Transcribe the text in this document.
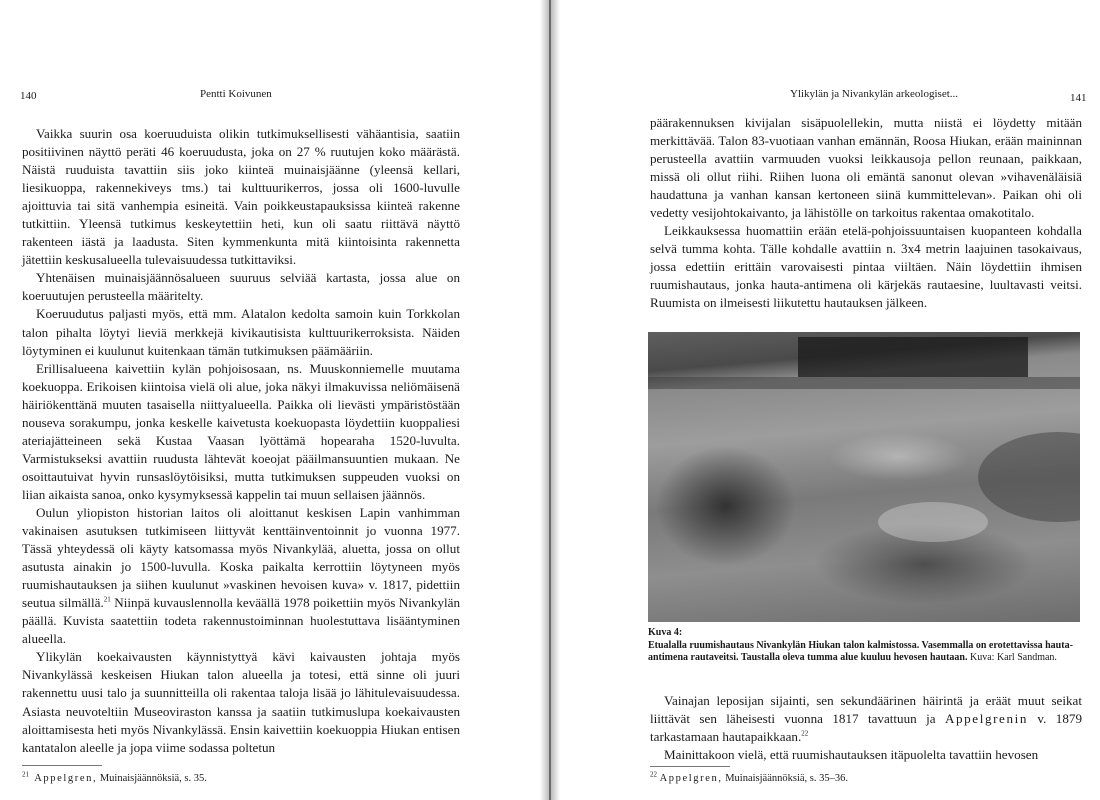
140	Pentti Koivunen

Vaikka suurin osa koeruuduista olikin tutkimuksellisesti vähäantisia, saatiin positiivinen näyttö peräti 46 koeruudusta, joka on 27 % ruutujen koko määrästä. Näistä ruuduista tavattiin siis joko kiinteä muinaisjäänne (yleensä kellari, liesikuoppa, rakennekiveys tms.) tai kulttuurikerros, jossa oli 1600-luvulle ajoittuvia tai sitä vanhempia esineitä. Vain poikkeustapauksissa kiinteä rakenne tutkittiin. Yleensä tutkimus keskeytettiin heti, kun oli saatu riittävä näyttö rakenteen iästä ja laadusta. Siten kymmenkunta mitä kiintoisinta rakennetta jätettiin keskusalueella tulevaisuudessa tutkittaviksi.

Yhtenäisen muinaisjäännösalueen suuruus selviää kartasta, jossa alue on koeruutujen perusteella määritelty.

Koeruudutus paljasti myös, että mm. Alatalon kedolta samoin kuin Torkkolan talon pihalta löytyi lieviä merkkejä kivikautisista kulttuurikerroksista. Näiden löytyminen ei kuulunut kuitenkaan tämän tutkimuksen päämääriin.

Erillisalueena kaivettiin kylän pohjoisosaan, ns. Muuskonniemelle muutama koekuoppa. Erikoisen kiintoisa vielä oli alue, joka näkyi ilmakuvissa neliömäisenä häiriökenttänä muuten tasaisella niittyalueella. Paikka oli lievästi ympäristöstään nouseva sorakumpu, jonka keskelle kaivetusta koekuopasta löydettiin kuoppaliesi ateriajätteineen sekä Kustaa Vaasan lyöttämä hopearaha 1520-luvulta. Varmistukseksi avattiin ruudusta lähtevät koeojat pääilmansuuntien mukaan. Ne osoittautuivat hyvin runsaslöytöisiksi, mutta tutkimuksen suppeuden vuoksi on liian aikaista sanoa, onko kysymyksessä kappelin tai muun sellaisen jäännös.

Oulun yliopiston historian laitos oli aloittanut keskisen Lapin vanhimman vakinaisen asutuksen tutkimiseen liittyvät kenttäinventoinnit jo vuonna 1977. Tässä yhteydessä oli käyty katsomassa myös Nivankylää, aluetta, jossa on ollut asutusta ainakin jo 1500-luvulla. Koska paikalta kerrottiin löytyneen myös ruumishautauksen ja siihen kuulunut »vaskinen hevoisen kuva» v. 1817, pidettiin seutua silmällä.$^{21}$ Niinpä kuvauslennolla keväällä 1978 poikettiin myös Nivankylän päällä. Kuvista saatettiin todeta rakennustoiminnan huolestuttava lisääntyminen alueella.

Ylikylän koekaivausten käynnistyttyä kävi kaivausten johtaja myös Nivankylässä keskeisen Hiukan talon alueella ja totesi, että sinne oli juuri rakennettu uusi talo ja suunnitteilla oli rakentaa taloja lisää jo lähitulevaisuudessa. Asiasta neuvoteltiin Museoviraston kanssa ja saatiin tutkimuslupa koekaivausten aloittamisesta heti myös Nivankylässä. Ensin kaivettiin koekuoppia Hiukan entisen kantatalon aleelle ja jopa viime sodassa poltetun

$^{21}$ Appelgren, Muinaisjäännöksiä, s. 35.
Ylikylän ja Nivankylän arkeologiset...	141

päärakennuksen kivijalan sisäpuolellekin, mutta niistä ei löydetty mitään merkittävää. Talon 83-vuotiaan vanhan emännän, Roosa Hiukan, erään maininnan perusteella avattiin varmuuden vuoksi leikkausoja pellon reunaan, paikkaan, missä oli ollut riihi. Riihen luona oli emäntä sanonut olevan »vihavenäläisiä haudattuna ja vanhan kansan kertoneen siinä kummittelevan». Paikan ohi oli vedetty vesijohtokaivanto, ja lähistölle on tarkoitus rakentaa omakotitalo.

Leikkauksessa huomattiin erään etelä-pohjoissuuntaisen kuopanteen kohdalla selvä tumma kohta. Tälle kohdalle avattiin n. 3x4 metrin laajuinen tasokaivaus, jossa edettiin erittäin varovaisesti pintaa viiltäen. Näin löydettiin ihmisen ruumishautaus, jonka hauta-antimena oli kärjekäs rautaesine, luultavasti veitsi. Ruumista on ilmeisesti liikutettu hautauksen jälkeen.

Kuva 4:
Etualalla ruumishautaus Nivankylän Hiukan talon kalmistossa. Vasemmalla on erotettavissa hauta-antimena rautaveitsi. Taustalla oleva tumma alue kuuluu hevosen hautaan. Kuva: Karl Sandman.

Vainajan leposijan sijainti, sen sekundäärinen häirintä ja eräät muut seikat liittävät sen läheisesti vuonna 1817 tavattuun ja Appelgrenin v. 1879 tarkastamaan hautapaikkaan.$^{22}$

Mainittakoon vielä, että ruumishautauksen itäpuolelta tavattiin hevosen

$^{22}$ Appelgren, Muinaisjäännöksiä, s. 35–36.
